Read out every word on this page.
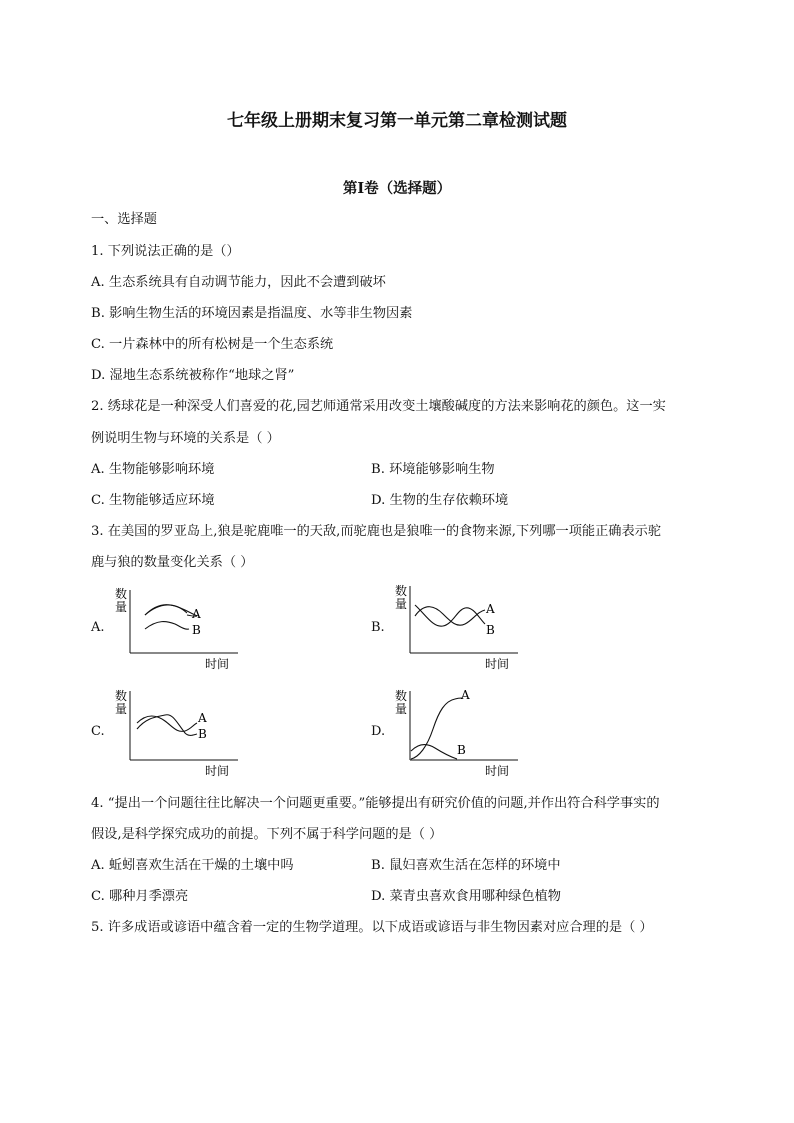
七年级上册期末复习第一单元第二章检测试题
第Ⅰ卷（选择题）
一、选择题
1. 下列说法正确的是（）
A. 生态系统具有自动调节能力，因此不会遭到破坏
B. 影响生物生活的环境因素是指温度、水等非生物因素
C. 一片森林中的所有松树是一个生态系统
D. 湿地生态系统被称作“地球之肾”
2. 绣球花是一种深受人们喜爱的花,园艺师通常采用改变土壤酸碱度的方法来影响花的颜色。这一实
例说明生物与环境的关系是（ ）
A. 生物能够影响环境	B. 环境能够影响生物
C. 生物能够适应环境	D. 生物的生存依赖环境
3. 在美国的罗亚岛上,狼是驼鹿唯一的天敌,而驼鹿也是狼唯一的食物来源,下列哪一项能正确表示驼
鹿与狼的数量变化关系（ ）
A.
数
量
时间
A
B	B.
数
量
时间
A
B
C.
数
量
时间
A
B	D.
数
量
时间
A
B
4. “提出一个问题往往比解决一个问题更重要。”能够提出有研究价值的问题,并作出符合科学事实的
假设,是科学探究成功的前提。下列不属于科学问题的是（ ）
A. 蚯蚓喜欢生活在干燥的土壤中吗	B. 鼠妇喜欢生活在怎样的环境中
C. 哪种月季漂亮	D. 菜青虫喜欢食用哪种绿色植物
5. 许多成语或谚语中蕴含着一定的生物学道理。以下成语或谚语与非生物因素对应合理的是（ ）
